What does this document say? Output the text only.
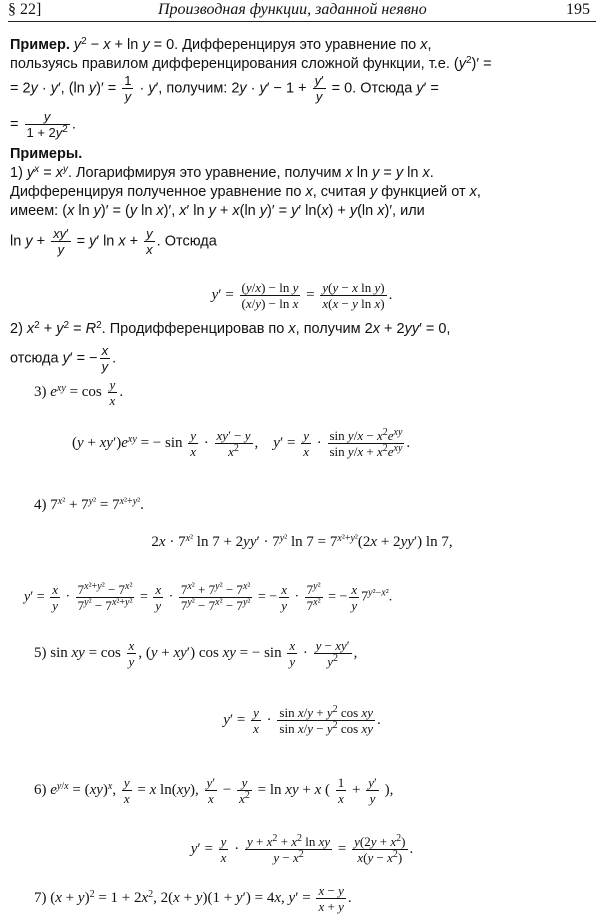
§ 22]	Производная функции, заданной неявно	195
Пример. $y^2 - x + \ln y = 0$. Дифференцируя это уравнение по x,
пользуясь правилом дифференцирования сложной функции, т.е. $(y^2)'$ =
= 2y · y′, (ln $y)' = \frac{1}{y} \cdot y'$, получим: $2y \cdot y' - 1 + \frac{y'}{y} = 0$. Отсюда y′ =
= $\frac{y}{1 + 2y^2}$ .
Примеры.
1) $y^x = x^y$. Логарифмируя это уравнение, получим x ln y = y ln x.
Дифференцируя полученное уравнение по x, считая y функцией от x,
имеем: (x ln y)′ = (y ln x)′, x′ ln y + x(ln y)′ = y′ ln(x) + y(ln x)′, или
$\ln y + \frac{xy'}{y} = y'$ $\ln x + \frac{y}{x}$ . Отсюда
$y' = \frac{\text{(y/x) − ln y}}{\text{(x/y) − ln x}} = \frac{\text{y(y − x ln y)}}{\text{x(x − y ln x)}}$ .
2) $x^2 + y^2 = R^2$. Продифференцировав по x, получим 2x + 2yy′ = 0,
отсюда y′ = − $\frac{x}{y}$ .
3) $e^{xy} = \cos \frac{y}{x}$ .
$(y + xy')e^{xy}$ = − $\sin \frac{y}{x} \cdot \frac{xy' - y}{x^2}$ ,    $y' = \frac{y}{x} \cdot \frac{\sin y/x - x^2e^{xy}}{\sin y/x + x^2e^{xy}}$ .
4) $7^{x^2} + 7^{y^2} = 7^{x^2+y^2}$.
$2x \cdot 7^{x^2}$ $\ln 7 + 2yy' \cdot 7^{y^2}$ $\ln 7 = 7^{x^2+y^2}(2x + 2yy')$ ln 7,
$y' = \frac{x}{y} \cdot \frac{7^{x^2+y^2} - 7^{x^2}}{7^{y^2} - 7^{x^2+y^2}} = \frac{x}{y} \cdot \frac{7^{x^2} + 7^{y^2} - 7^{x^2}}{7^{y^2} - 7^{x^2} - 7^{y^2}}$ = − $\frac{x}{y} \cdot \frac{7^{y^2}}{7^{x^2}}$ = − $\frac{x}{y} 7^{y^2-x^2}$.
5) sin xy = $\cos \frac{x}{y}$ , (y + xy′) cos xy = − $\sin \frac{x}{y} \cdot \frac{y - xy'}{y^2}$ ,
$y' = \frac{y}{x} \cdot \frac{\sin x/y + y^2 \cos xy}{\sin x/y - y^2 \cos xy}$ .
6) $e^{y/x} = (xy)^x$, $\frac{y}{x} = x$ ln(xy), $\frac{y'}{x} - \frac{y}{x^2} = \ln$ xy + x ( $\frac{1}{x} + \frac{y'}{y}$ ),
$y' = \frac{y}{x} \cdot \frac{y + x^2 + x^2 \ln xy}{y - x^2} = \frac{y(2y + x^2)}{x(y - x^2)}$ .
7) $(x + y)^2 = 1 + 2x^2$, 2(x + y)(1 + y′) = 4x, $y' = \frac{x - y}{x + y}$ .
